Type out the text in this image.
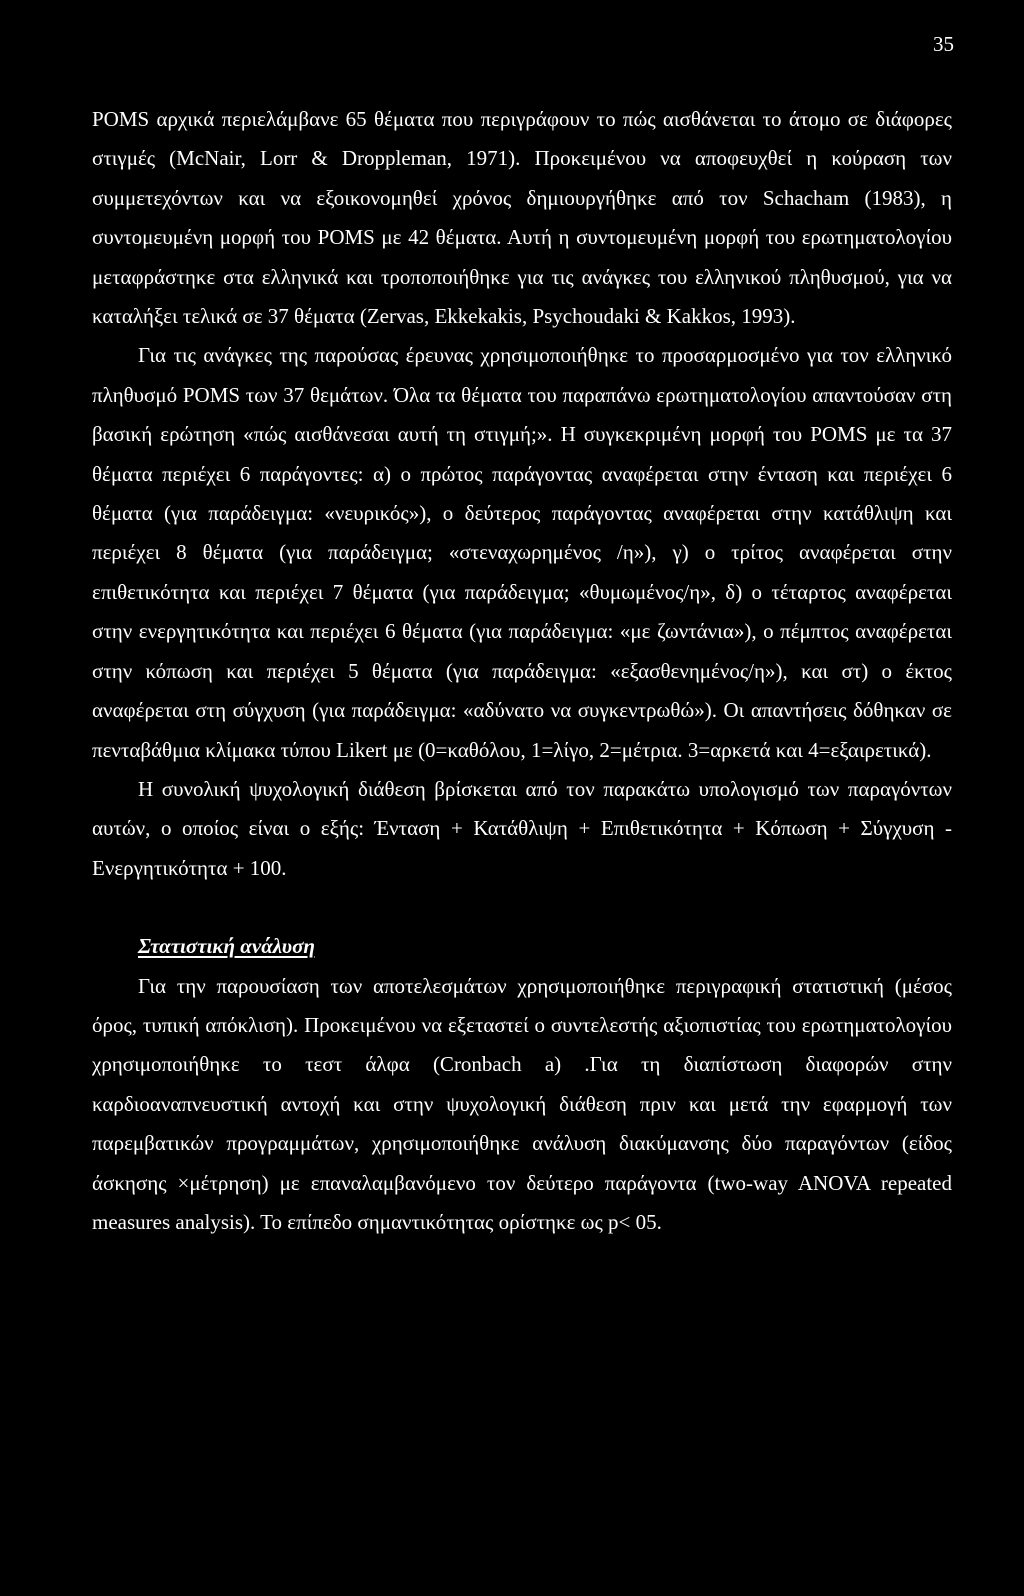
35

POMS αρχικά περιελάμβανε 65 θέματα που περιγράφουν το πώς αισθάνεται το άτομο σε διάφορες στιγμές (McNair, Lorr & Droppleman, 1971). Προκειμένου να αποφευχθεί η κούραση των συμμετεχόντων και να εξοικονομηθεί χρόνος δημιουργήθηκε από τον Schacham (1983), η συντομευμένη μορφή του POMS με 42 θέματα. Αυτή η συντομευμένη μορφή του ερωτηματολογίου μεταφράστηκε στα ελληνικά και τροποποιήθηκε για τις ανάγκες του ελληνικού πληθυσμού, για να καταλήξει τελικά σε 37 θέματα (Zervas, Ekkekakis, Psychoudaki & Kakkos, 1993).

Για τις ανάγκες της παρούσας έρευνας χρησιμοποιήθηκε το προσαρμοσμένο για τον ελληνικό πληθυσμό POMS των 37 θεμάτων. Όλα τα θέματα του παραπάνω ερωτηματολογίου απαντούσαν στη βασική ερώτηση «πώς αισθάνεσαι αυτή τη στιγμή;». Η συγκεκριμένη μορφή του POMS με τα 37 θέματα περιέχει 6 παράγοντες: α) ο πρώτος παράγοντας αναφέρεται στην ένταση και περιέχει 6 θέματα (για παράδειγμα: «νευρικός»), ο δεύτερος παράγοντας αναφέρεται στην κατάθλιψη και περιέχει 8 θέματα (για παράδειγμα; «στεναχωρημένος /η»), γ) ο τρίτος αναφέρεται στην επιθετικότητα και περιέχει 7 θέματα (για παράδειγμα; «θυμωμένος/η», δ) ο τέταρτος αναφέρεται στην ενεργητικότητα και περιέχει 6 θέματα (για παράδειγμα: «με ζωντάνια»), ο πέμπτος αναφέρεται στην κόπωση και περιέχει 5 θέματα (για παράδειγμα: «εξασθενημένος/η»), και στ) ο έκτος αναφέρεται στη σύγχυση (για παράδειγμα: «αδύνατο να συγκεντρωθώ»). Οι απαντήσεις δόθηκαν σε πενταβάθμια κλίμακα τύπου Likert με (0=καθόλου, 1=λίγο, 2=μέτρια. 3=αρκετά και 4=εξαιρετικά).

Η συνολική ψυχολογική διάθεση βρίσκεται από τον παρακάτω υπολογισμό των παραγόντων αυτών, ο οποίος είναι ο εξής: Ένταση + Κατάθλιψη + Επιθετικότητα + Κόπωση + Σύγχυση - Ενεργητικότητα + 100.

Στατιστική ανάλυση

Για την παρουσίαση των αποτελεσμάτων χρησιμοποιήθηκε περιγραφική στατιστική (μέσος όρος, τυπική απόκλιση). Προκειμένου να εξεταστεί ο συντελεστής αξιοπιστίας του ερωτηματολογίου χρησιμοποιήθηκε το τεστ άλφα (Cronbach a) .Για τη διαπίστωση διαφορών στην καρδιοαναπνευστική αντοχή και στην ψυχολογική διάθεση πριν και μετά την εφαρμογή των παρεμβατικών προγραμμάτων, χρησιμοποιήθηκε ανάλυση διακύμανσης δύο παραγόντων (είδος άσκησης ×μέτρηση) με επαναλαμβανόμενο τον δεύτερο παράγοντα (two-way ANOVA repeated measures analysis). Το επίπεδο σημαντικότητας ορίστηκε ως p< 05.
